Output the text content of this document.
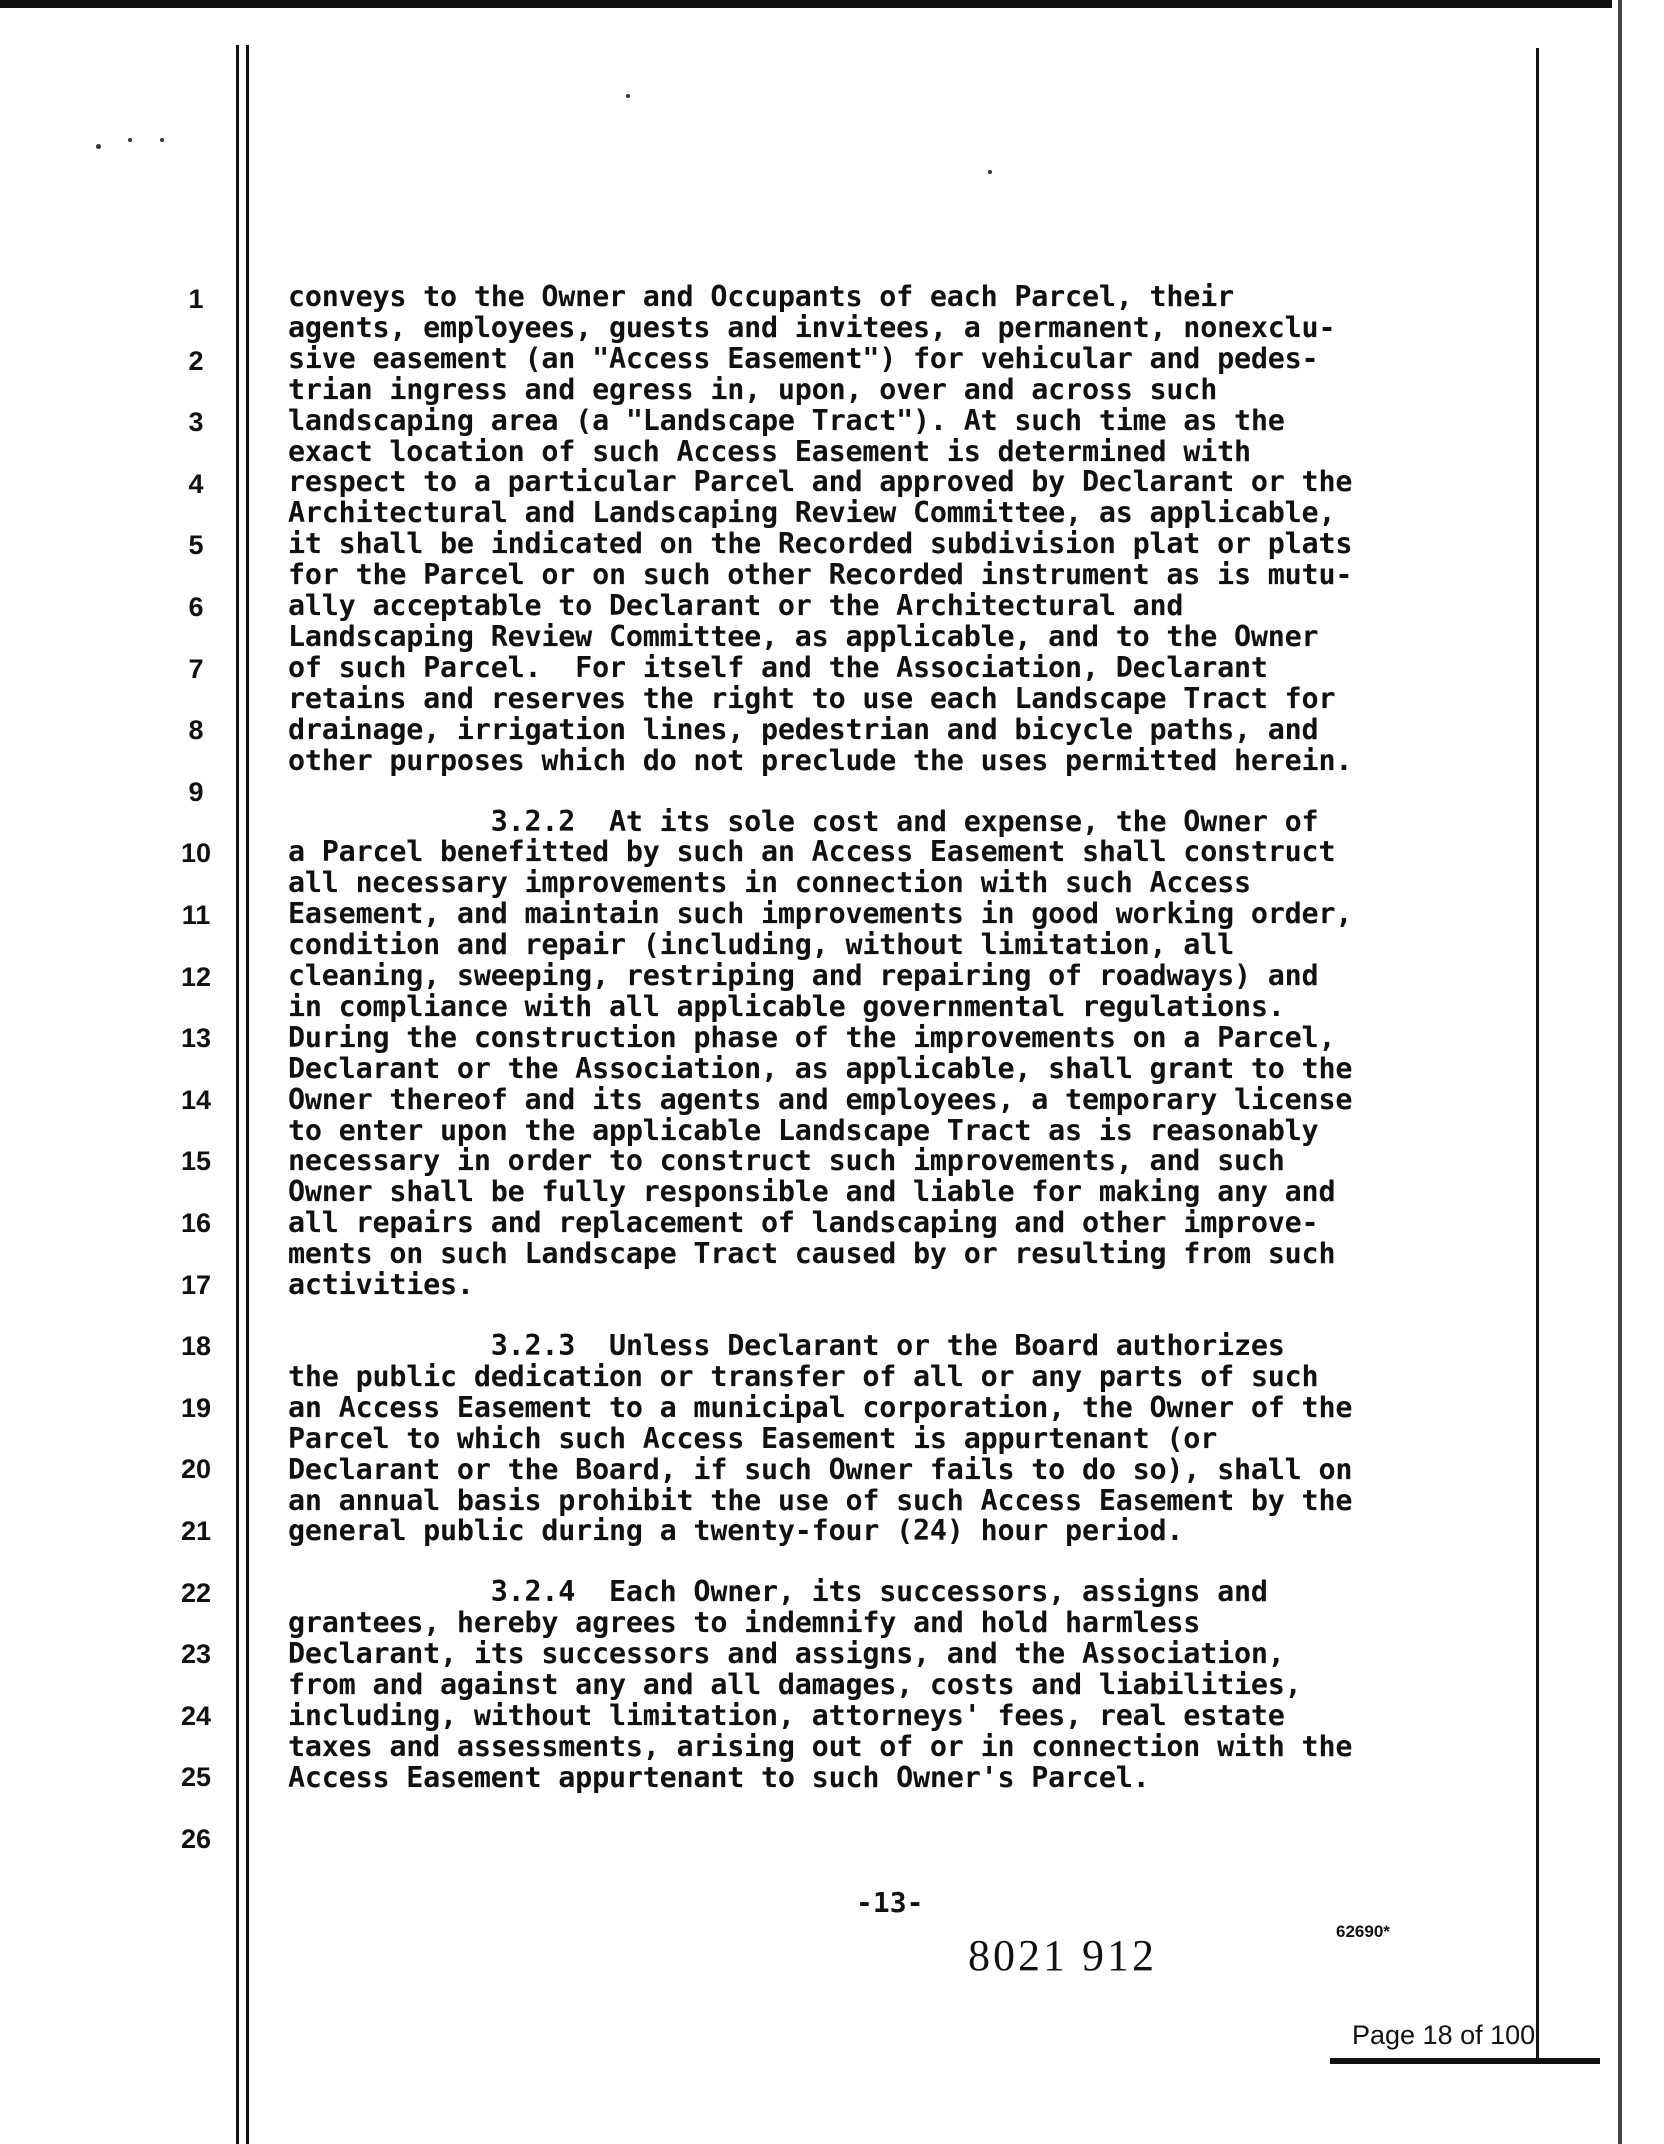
1
2
3
4
5
6
7
8
9
10
11
12
13
14
15
16
17
18
19
20
21
22
23
24
25
26

conveys to the Owner and Occupants of each Parcel, their

agents, employees, guests and invitees, a permanent, nonexclu-

sive easement (an "Access Easement") for vehicular and pedes-

trian ingress and egress in, upon, over and across such

landscaping area (a "Landscape Tract"). At such time as the

exact location of such Access Easement is determined with

respect to a particular Parcel and approved by Declarant or the

Architectural and Landscaping Review Committee, as applicable,

it shall be indicated on the Recorded subdivision plat or plats

for the Parcel or on such other Recorded instrument as is mutu-

ally acceptable to Declarant or the Architectural and

Landscaping Review Committee, as applicable, and to the Owner

of such Parcel.  For itself and the Association, Declarant

retains and reserves the right to use each Landscape Tract for

drainage, irrigation lines, pedestrian and bicycle paths, and

other purposes which do not preclude the uses permitted herein.

3.2.2  At its sole cost and expense, the Owner of

a Parcel benefitted by such an Access Easement shall construct

all necessary improvements in connection with such Access

Easement, and maintain such improvements in good working order,

condition and repair (including, without limitation, all

cleaning, sweeping, restriping and repairing of roadways) and

in compliance with all applicable governmental regulations.

During the construction phase of the improvements on a Parcel,

Declarant or the Association, as applicable, shall grant to the

Owner thereof and its agents and employees, a temporary license

to enter upon the applicable Landscape Tract as is reasonably

necessary in order to construct such improvements, and such

Owner shall be fully responsible and liable for making any and

all repairs and replacement of landscaping and other improve-

ments on such Landscape Tract caused by or resulting from such

activities.

3.2.3  Unless Declarant or the Board authorizes

the public dedication or transfer of all or any parts of such

an Access Easement to a municipal corporation, the Owner of the

Parcel to which such Access Easement is appurtenant (or

Declarant or the Board, if such Owner fails to do so), shall on

an annual basis prohibit the use of such Access Easement by the

general public during a twenty-four (24) hour period.

3.2.4  Each Owner, its successors, assigns and

grantees, hereby agrees to indemnify and hold harmless

Declarant, its successors and assigns, and the Association,

from and against any and all damages, costs and liabilities,

including, without limitation, attorneys' fees, real estate

taxes and assessments, arising out of or in connection with the

Access Easement appurtenant to such Owner's Parcel.

-13-
8021 912	62690*
Page 18 of 100
